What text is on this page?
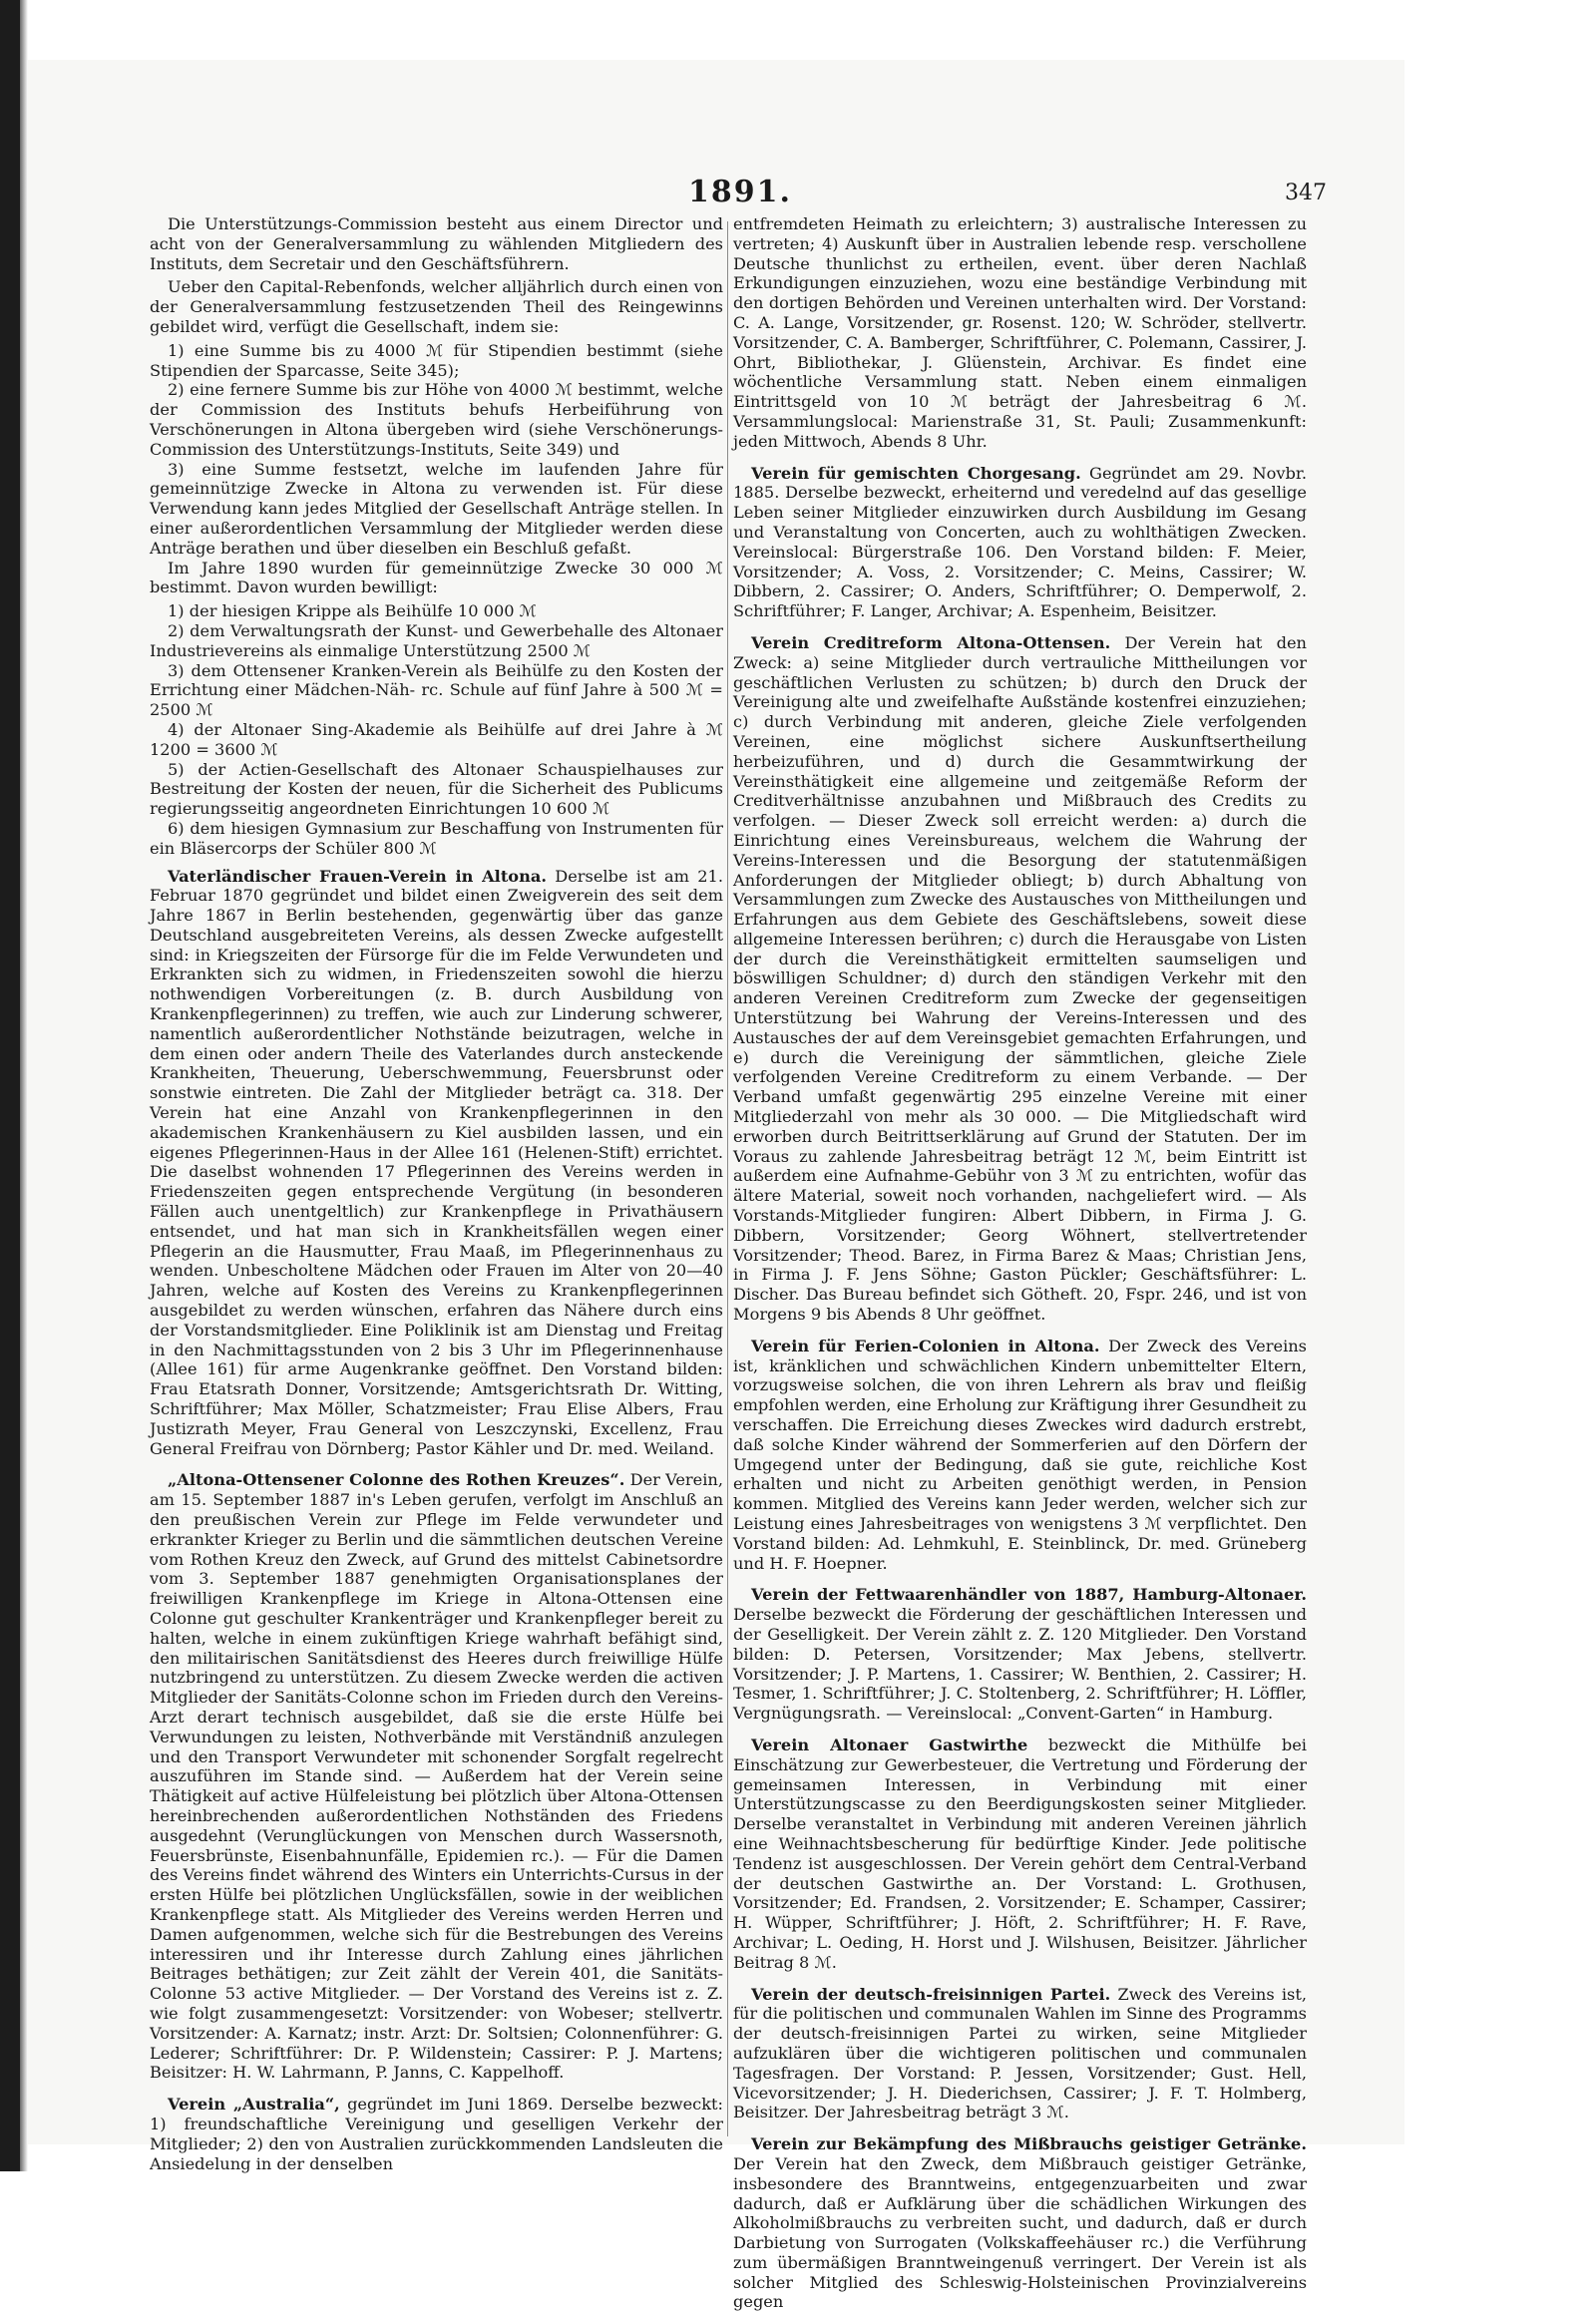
1891.	347

Die Unterstützungs-Commission besteht aus einem Director und acht von der Generalversammlung zu wählenden Mitgliedern des Instituts, dem Secretair und den Geschäftsführern.

Ueber den Capital-Rebenfonds, welcher alljährlich durch einen von der Generalversammlung festzusetzenden Theil des Reingewinns gebildet wird, verfügt die Gesellschaft, indem sie:

1) eine Summe bis zu 4000 ℳ für Stipendien bestimmt (siehe Stipendien der Sparcasse, Seite 345);

2) eine fernere Summe bis zur Höhe von 4000 ℳ bestimmt, welche der Commission des Instituts behufs Herbeiführung von Verschönerungen in Altona übergeben wird (siehe Verschönerungs-Commission des Unterstützungs-Instituts, Seite 349) und

3) eine Summe festsetzt, welche im laufenden Jahre für gemeinnützige Zwecke in Altona zu verwenden ist. Für diese Verwendung kann jedes Mitglied der Gesellschaft Anträge stellen. In einer außerordentlichen Versammlung der Mitglieder werden diese Anträge berathen und über dieselben ein Beschluß gefaßt.

Im Jahre 1890 wurden für gemeinnützige Zwecke 30 000 ℳ bestimmt. Davon wurden bewilligt:

1) der hiesigen Krippe als Beihülfe 10 000 ℳ

2) dem Verwaltungsrath der Kunst- und Gewerbehalle des Altonaer Industrievereins als einmalige Unterstützung 2500 ℳ

3) dem Ottensener Kranken-Verein als Beihülfe zu den Kosten der Errichtung einer Mädchen-Näh- rc. Schule auf fünf Jahre à 500 ℳ = 2500 ℳ

4) der Altonaer Sing-Akademie als Beihülfe auf drei Jahre à ℳ 1200 = 3600 ℳ

5) der Actien-Gesellschaft des Altonaer Schauspielhauses zur Bestreitung der Kosten der neuen, für die Sicherheit des Publicums regierungsseitig angeordneten Einrichtungen 10 600 ℳ

6) dem hiesigen Gymnasium zur Beschaffung von Instrumenten für ein Bläsercorps der Schüler 800 ℳ

Vaterländischer Frauen-Verein in Altona. Derselbe ist am 21. Februar 1870 gegründet und bildet einen Zweigverein des seit dem Jahre 1867 in Berlin bestehenden, gegenwärtig über das ganze Deutschland ausgebreiteten Vereins, als dessen Zwecke aufgestellt sind: in Kriegszeiten der Fürsorge für die im Felde Verwundeten und Erkrankten sich zu widmen, in Friedenszeiten sowohl die hierzu nothwendigen Vorbereitungen (z. B. durch Ausbildung von Krankenpflegerinnen) zu treffen, wie auch zur Linderung schwerer, namentlich außerordentlicher Nothstände beizutragen, welche in dem einen oder andern Theile des Vaterlandes durch ansteckende Krankheiten, Theuerung, Ueberschwemmung, Feuersbrunst oder sonstwie eintreten. Die Zahl der Mitglieder beträgt ca. 318. Der Verein hat eine Anzahl von Krankenpflegerinnen in den akademischen Krankenhäusern zu Kiel ausbilden lassen, und ein eigenes Pflegerinnen-Haus in der Allee 161 (Helenen-Stift) errichtet. Die daselbst wohnenden 17 Pflegerinnen des Vereins werden in Friedenszeiten gegen entsprechende Vergütung (in besonderen Fällen auch unentgeltlich) zur Krankenpflege in Privathäusern entsendet, und hat man sich in Krankheitsfällen wegen einer Pflegerin an die Hausmutter, Frau Maaß, im Pflegerinnenhaus zu wenden. Unbescholtene Mädchen oder Frauen im Alter von 20—40 Jahren, welche auf Kosten des Vereins zu Krankenpflegerinnen ausgebildet zu werden wünschen, erfahren das Nähere durch eins der Vorstandsmitglieder. Eine Poliklinik ist am Dienstag und Freitag in den Nachmittagsstunden von 2 bis 3 Uhr im Pflegerinnenhause (Allee 161) für arme Augenkranke geöffnet. Den Vorstand bilden: Frau Etatsrath Donner, Vorsitzende; Amtsgerichtsrath Dr. Witting, Schriftführer; Max Möller, Schatzmeister; Frau Elise Albers, Frau Justizrath Meyer, Frau General von Leszczynski, Excellenz, Frau General Freifrau von Dörnberg; Pastor Kähler und Dr. med. Weiland.

„Altona-Ottensener Colonne des Rothen Kreuzes“. Der Verein, am 15. September 1887 in's Leben gerufen, verfolgt im Anschluß an den preußischen Verein zur Pflege im Felde verwundeter und erkrankter Krieger zu Berlin und die sämmtlichen deutschen Vereine vom Rothen Kreuz den Zweck, auf Grund des mittelst Cabinetsordre vom 3. September 1887 genehmigten Organisationsplanes der freiwilligen Krankenpflege im Kriege in Altona-Ottensen eine Colonne gut geschulter Krankenträger und Krankenpfleger bereit zu halten, welche in einem zukünftigen Kriege wahrhaft befähigt sind, den militairischen Sanitätsdienst des Heeres durch freiwillige Hülfe nutzbringend zu unterstützen. Zu diesem Zwecke werden die activen Mitglieder der Sanitäts-Colonne schon im Frieden durch den Vereins-Arzt derart technisch ausgebildet, daß sie die erste Hülfe bei Verwundungen zu leisten, Nothverbände mit Verständniß anzulegen und den Transport Verwundeter mit schonender Sorgfalt regelrecht auszuführen im Stande sind. — Außerdem hat der Verein seine Thätigkeit auf active Hülfeleistung bei plötzlich über Altona-Ottensen hereinbrechenden außerordentlichen Nothständen des Friedens ausgedehnt (Verunglückungen von Menschen durch Wassersnoth, Feuersbrünste, Eisenbahnunfälle, Epidemien rc.). — Für die Damen des Vereins findet während des Winters ein Unterrichts-Cursus in der ersten Hülfe bei plötzlichen Unglücksfällen, sowie in der weiblichen Krankenpflege statt. Als Mitglieder des Vereins werden Herren und Damen aufgenommen, welche sich für die Bestrebungen des Vereins interessiren und ihr Interesse durch Zahlung eines jährlichen Beitrages bethätigen; zur Zeit zählt der Verein 401, die Sanitäts-Colonne 53 active Mitglieder. — Der Vorstand des Vereins ist z. Z. wie folgt zusammengesetzt: Vorsitzender: von Wobeser; stellvertr. Vorsitzender: A. Karnatz; instr. Arzt: Dr. Soltsien; Colonnenführer: G. Lederer; Schriftführer: Dr. P. Wildenstein; Cassirer: P. J. Martens; Beisitzer: H. W. Lahrmann, P. Janns, C. Kappelhoff.

Verein „Australia“, gegründet im Juni 1869. Derselbe bezweckt: 1) freundschaftliche Vereinigung und geselligen Verkehr der Mitglieder; 2) den von Australien zurückkommenden Landsleuten die Ansiedelung in der denselben

entfremdeten Heimath zu erleichtern; 3) australische Interessen zu vertreten; 4) Auskunft über in Australien lebende resp. verschollene Deutsche thunlichst zu ertheilen, event. über deren Nachlaß Erkundigungen einzuziehen, wozu eine beständige Verbindung mit den dortigen Behörden und Vereinen unterhalten wird. Der Vorstand: C. A. Lange, Vorsitzender, gr. Rosenst. 120; W. Schröder, stellvertr. Vorsitzender, C. A. Bamberger, Schriftführer, C. Polemann, Cassirer, J. Ohrt, Bibliothekar, J. Glüenstein, Archivar. Es findet eine wöchentliche Versammlung statt. Neben einem einmaligen Eintrittsgeld von 10 ℳ beträgt der Jahresbeitrag 6 ℳ. Versammlungslocal: Marienstraße 31, St. Pauli; Zusammenkunft: jeden Mittwoch, Abends 8 Uhr.

Verein für gemischten Chorgesang. Gegründet am 29. Novbr. 1885. Derselbe bezweckt, erheiternd und veredelnd auf das gesellige Leben seiner Mitglieder einzuwirken durch Ausbildung im Gesang und Veranstaltung von Concerten, auch zu wohlthätigen Zwecken. Vereinslocal: Bürgerstraße 106. Den Vorstand bilden: F. Meier, Vorsitzender; A. Voss, 2. Vorsitzender; C. Meins, Cassirer; W. Dibbern, 2. Cassirer; O. Anders, Schriftführer; O. Demperwolf, 2. Schriftführer; F. Langer, Archivar; A. Espenheim, Beisitzer.

Verein Creditreform Altona-Ottensen. Der Verein hat den Zweck: a) seine Mitglieder durch vertrauliche Mittheilungen vor geschäftlichen Verlusten zu schützen; b) durch den Druck der Vereinigung alte und zweifelhafte Außstände kostenfrei einzuziehen; c) durch Verbindung mit anderen, gleiche Ziele verfolgenden Vereinen, eine möglichst sichere Auskunftsertheilung herbeizuführen, und d) durch die Gesammtwirkung der Vereinsthätigkeit eine allgemeine und zeitgemäße Reform der Creditverhältnisse anzubahnen und Mißbrauch des Credits zu verfolgen. — Dieser Zweck soll erreicht werden: a) durch die Einrichtung eines Vereinsbureaus, welchem die Wahrung der Vereins-Interessen und die Besorgung der statutenmäßigen Anforderungen der Mitglieder obliegt; b) durch Abhaltung von Versammlungen zum Zwecke des Austausches von Mittheilungen und Erfahrungen aus dem Gebiete des Geschäftslebens, soweit diese allgemeine Interessen berühren; c) durch die Herausgabe von Listen der durch die Vereinsthätigkeit ermittelten saumseligen und böswilligen Schuldner; d) durch den ständigen Verkehr mit den anderen Vereinen Creditreform zum Zwecke der gegenseitigen Unterstützung bei Wahrung der Vereins-Interessen und des Austausches der auf dem Vereinsgebiet gemachten Erfahrungen, und e) durch die Vereinigung der sämmtlichen, gleiche Ziele verfolgenden Vereine Creditreform zu einem Verbande. — Der Verband umfaßt gegenwärtig 295 einzelne Vereine mit einer Mitgliederzahl von mehr als 30 000. — Die Mitgliedschaft wird erworben durch Beitrittserklärung auf Grund der Statuten. Der im Voraus zu zahlende Jahresbeitrag beträgt 12 ℳ, beim Eintritt ist außerdem eine Aufnahme-Gebühr von 3 ℳ zu entrichten, wofür das ältere Material, soweit noch vorhanden, nachgeliefert wird. — Als Vorstands-Mitglieder fungiren: Albert Dibbern, in Firma J. G. Dibbern, Vorsitzender; Georg Wöhnert, stellvertretender Vorsitzender; Theod. Barez, in Firma Barez & Maas; Christian Jens, in Firma J. F. Jens Söhne; Gaston Pückler; Geschäftsführer: L. Discher. Das Bureau befindet sich Götheft. 20, Fspr. 246, und ist von Morgens 9 bis Abends 8 Uhr geöffnet.

Verein für Ferien-Colonien in Altona. Der Zweck des Vereins ist, kränklichen und schwächlichen Kindern unbemittelter Eltern, vorzugsweise solchen, die von ihren Lehrern als brav und fleißig empfohlen werden, eine Erholung zur Kräftigung ihrer Gesundheit zu verschaffen. Die Erreichung dieses Zweckes wird dadurch erstrebt, daß solche Kinder während der Sommerferien auf den Dörfern der Umgegend unter der Bedingung, daß sie gute, reichliche Kost erhalten und nicht zu Arbeiten genöthigt werden, in Pension kommen. Mitglied des Vereins kann Jeder werden, welcher sich zur Leistung eines Jahresbeitrages von wenigstens 3 ℳ verpflichtet. Den Vorstand bilden: Ad. Lehmkuhl, E. Steinblinck, Dr. med. Grüneberg und H. F. Hoepner.

Verein der Fettwaarenhändler von 1887, Hamburg-Altonaer. Derselbe bezweckt die Förderung der geschäftlichen Interessen und der Geselligkeit. Der Verein zählt z. Z. 120 Mitglieder. Den Vorstand bilden: D. Petersen, Vorsitzender; Max Jebens, stellvertr. Vorsitzender; J. P. Martens, 1. Cassirer; W. Benthien, 2. Cassirer; H. Tesmer, 1. Schriftführer; J. C. Stoltenberg, 2. Schriftführer; H. Löffler, Vergnügungsrath. — Vereinslocal: „Convent-Garten“ in Hamburg.

Verein Altonaer Gastwirthe bezweckt die Mithülfe bei Einschätzung zur Gewerbesteuer, die Vertretung und Förderung der gemeinsamen Interessen, in Verbindung mit einer Unterstützungscasse zu den Beerdigungskosten seiner Mitglieder. Derselbe veranstaltet in Verbindung mit anderen Vereinen jährlich eine Weihnachtsbescherung für bedürftige Kinder. Jede politische Tendenz ist ausgeschlossen. Der Verein gehört dem Central-Verband der deutschen Gastwirthe an. Der Vorstand: L. Grothusen, Vorsitzender; Ed. Frandsen, 2. Vorsitzender; E. Schamper, Cassirer; H. Wüpper, Schriftführer; J. Höft, 2. Schriftführer; H. F. Rave, Archivar; L. Oeding, H. Horst und J. Wilshusen, Beisitzer. Jährlicher Beitrag 8 ℳ.

Verein der deutsch-freisinnigen Partei. Zweck des Vereins ist, für die politischen und communalen Wahlen im Sinne des Programms der deutsch-freisinnigen Partei zu wirken, seine Mitglieder aufzuklären über die wichtigeren politischen und communalen Tagesfragen. Der Vorstand: P. Jessen, Vorsitzender; Gust. Hell, Vicevorsitzender; J. H. Diederichsen, Cassirer; J. F. T. Holmberg, Beisitzer. Der Jahresbeitrag beträgt 3 ℳ.

Verein zur Bekämpfung des Mißbrauchs geistiger Getränke. Der Verein hat den Zweck, dem Mißbrauch geistiger Getränke, insbesondere des Branntweins, entgegenzuarbeiten und zwar dadurch, daß er Aufklärung über die schädlichen Wirkungen des Alkoholmißbrauchs zu verbreiten sucht, und dadurch, daß er durch Darbietung von Surrogaten (Volkskaffeehäuser rc.) die Verführung zum übermäßigen Branntweingenuß verringert. Der Verein ist als solcher Mitglied des Schleswig-Holsteinischen Provinzialvereins gegen
